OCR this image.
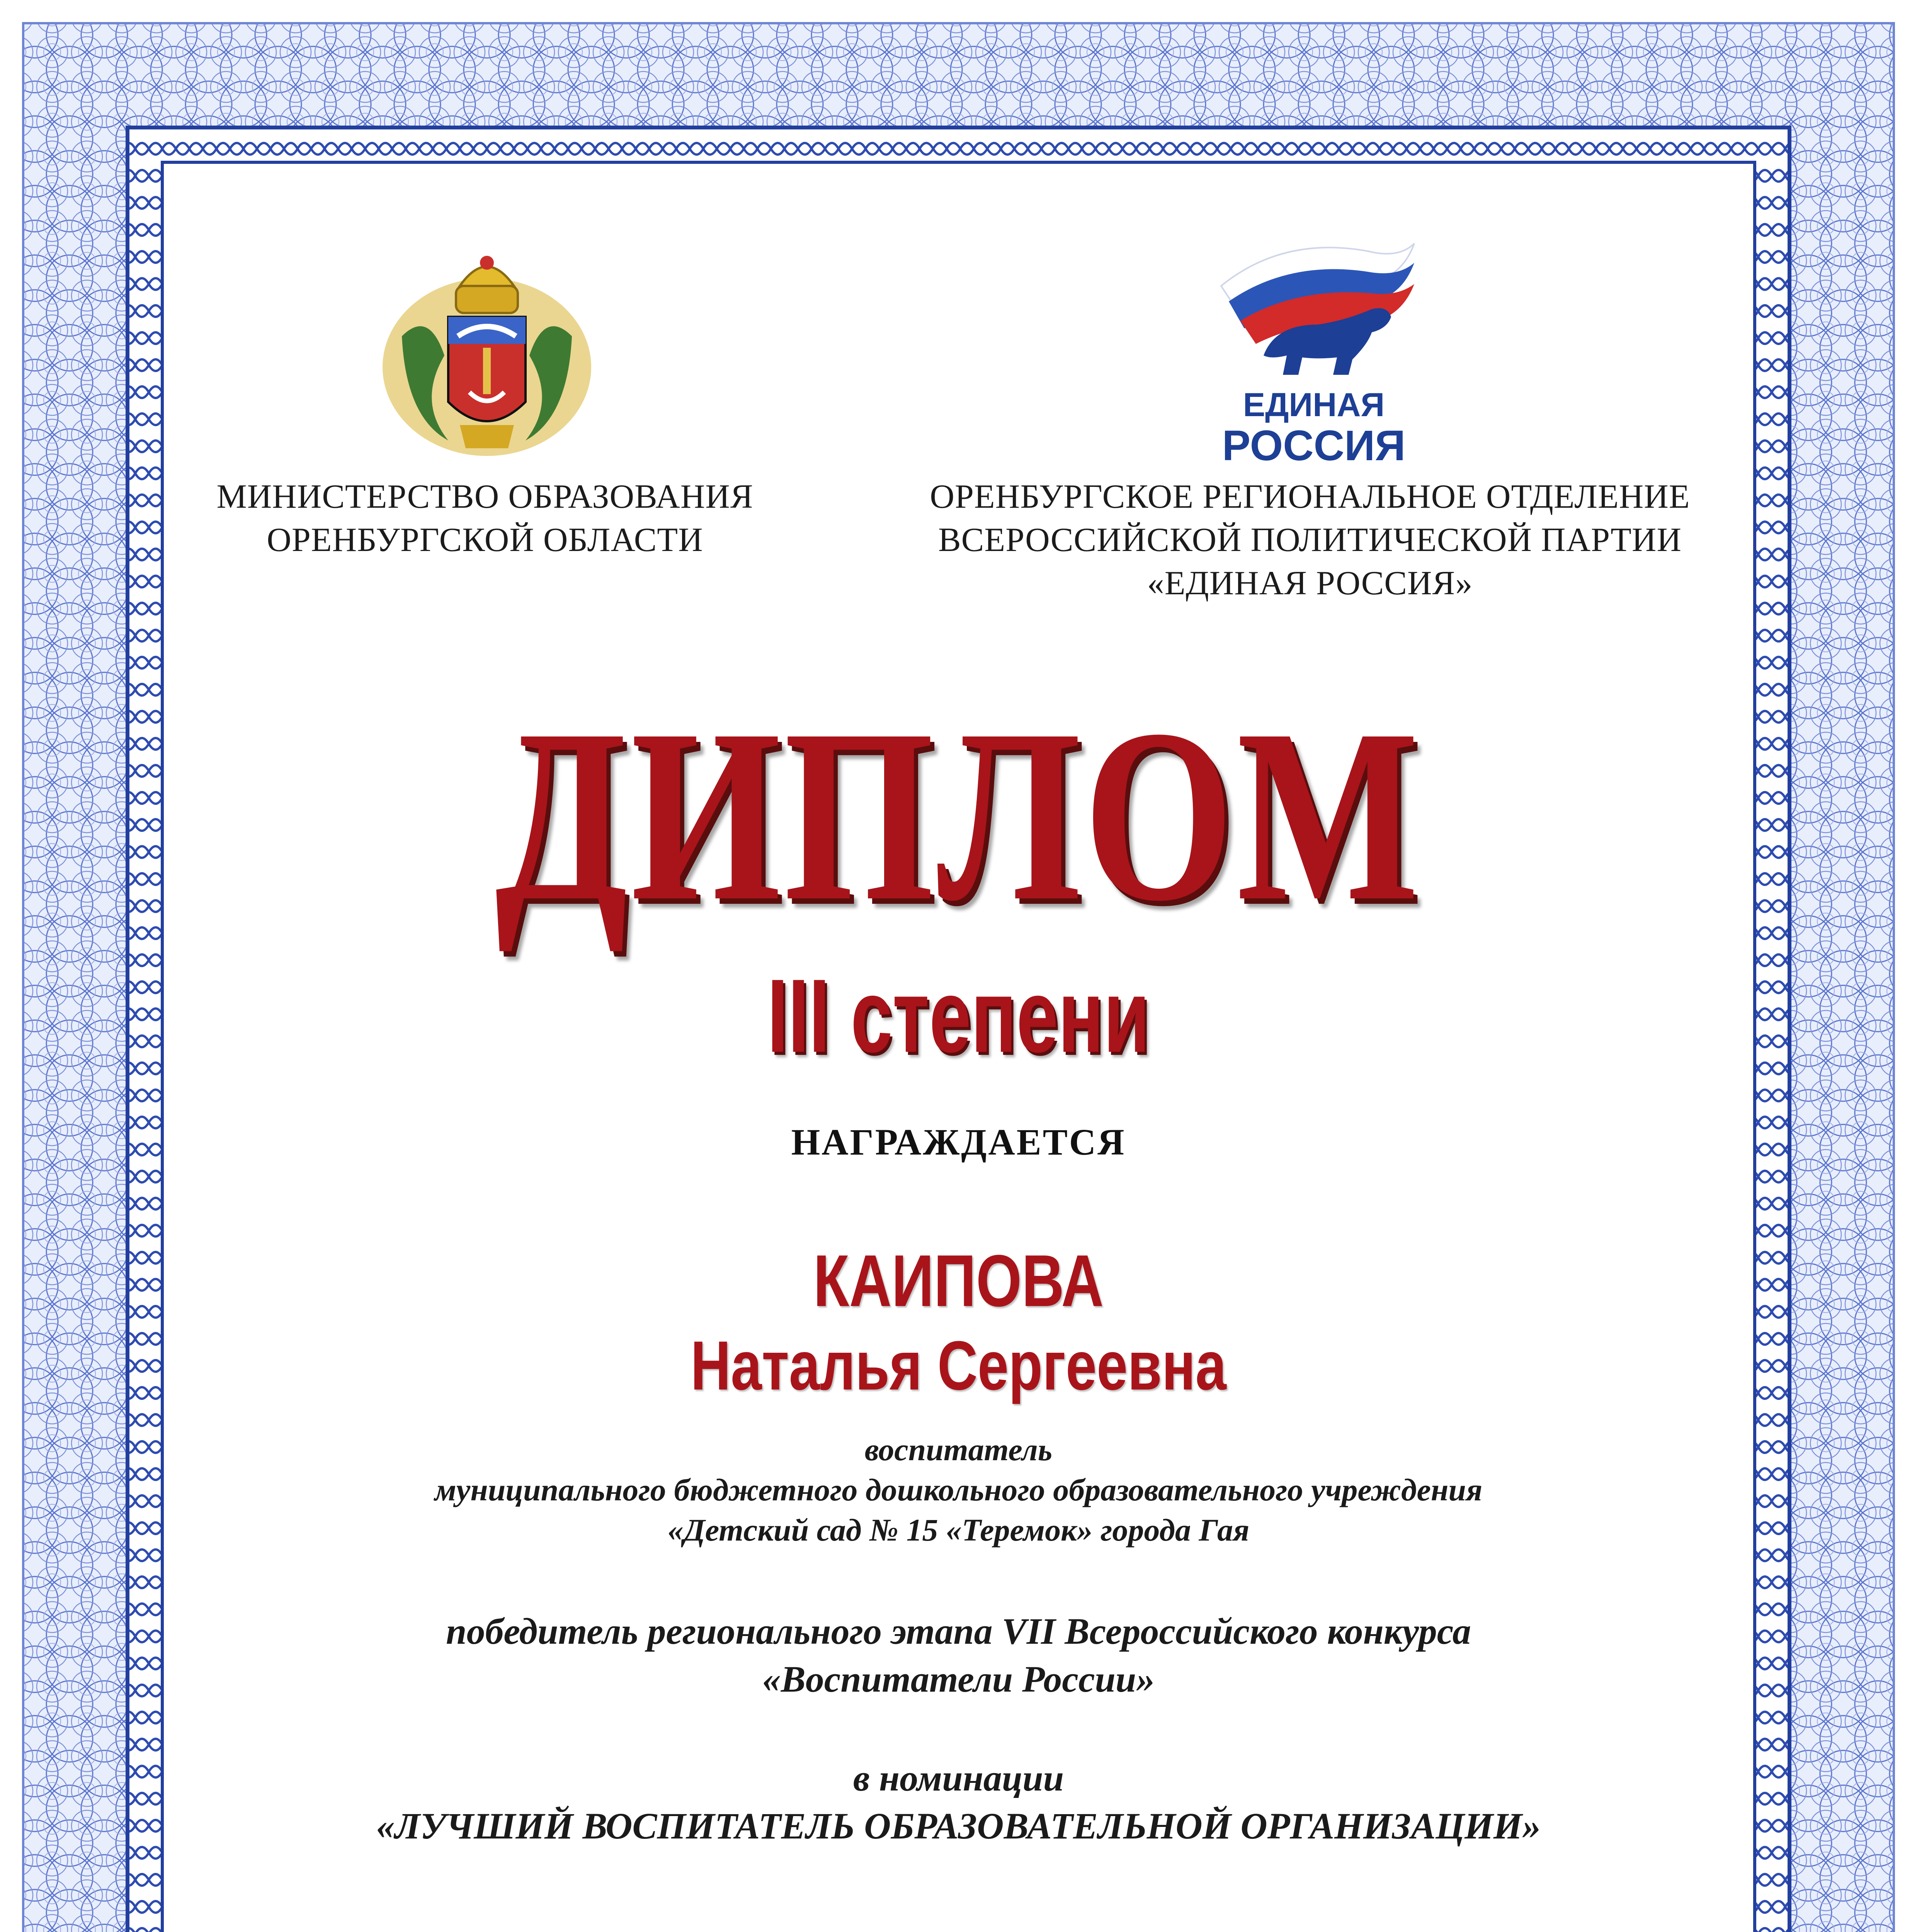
ЕДИНАЯ
РОССИЯ
МИНИСТЕРСТВО ОБРАЗОВАНИЯ
ОРЕНБУРГСКОЙ ОБЛАСТИ
ОРЕНБУРГСКОЕ РЕГИОНАЛЬНОЕ ОТДЕЛЕНИЕ
ВСЕРОССИЙСКОЙ ПОЛИТИЧЕСКОЙ ПАРТИИ
«ЕДИНАЯ РОССИЯ»
ДИПЛОМ
III степени
НАГРАЖДАЕТСЯ
КАИПОВА
Наталья Сергеевна
воспитатель
муниципального бюджетного дошкольного образовательного учреждения
«Детский сад № 15 «Теремок» города Гая
победитель регионального этапа VII Всероссийского конкурса
«Воспитатели России»
в номинации
«ЛУЧШИЙ ВОСПИТАТЕЛЬ ОБРАЗОВАТЕЛЬНОЙ ОРГАНИЗАЦИИ»
